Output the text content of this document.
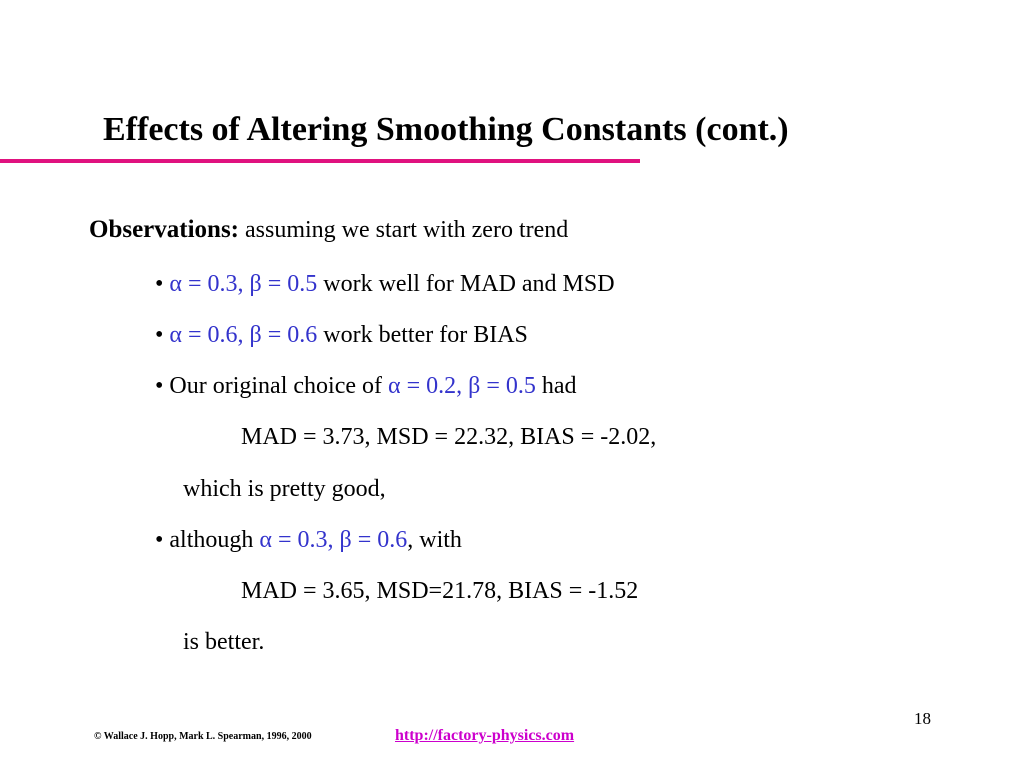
Effects of Altering Smoothing Constants (cont.)
Observations: assuming we start with zero trend
• α = 0.3, β = 0.5 work well for MAD and MSD
• α = 0.6, β = 0.6 work better for BIAS
• Our original choice of α = 0.2, β = 0.5 had
MAD = 3.73, MSD = 22.32, BIAS = -2.02,
which is pretty good,
• although α = 0.3, β = 0.6, with
MAD = 3.65, MSD=21.78, BIAS = -1.52
is better.
18
© Wallace J. Hopp, Mark L. Spearman, 1996, 2000	http://factory-physics.com
